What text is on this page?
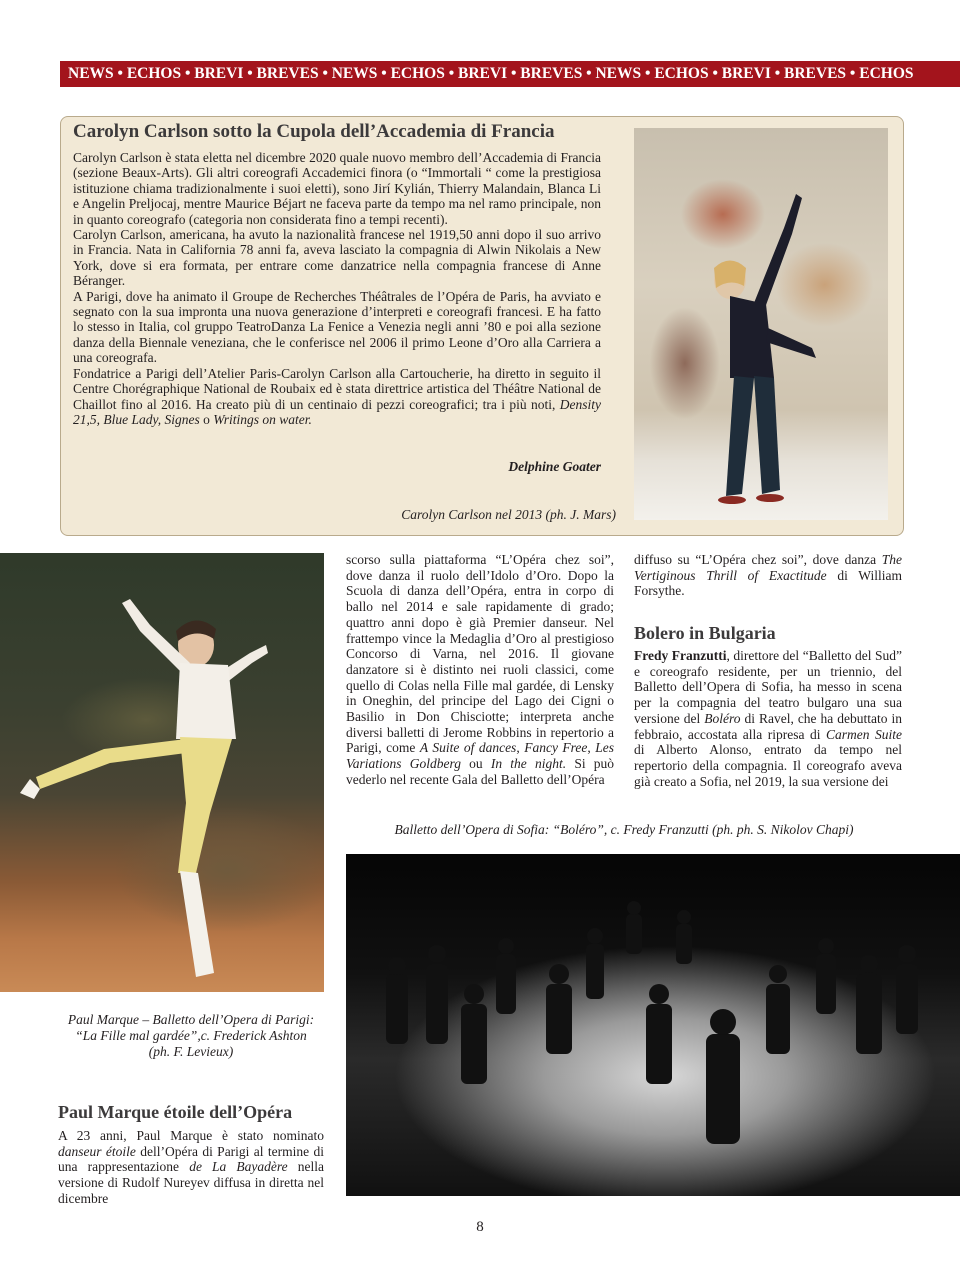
NEWS • ECHOS • BREVI • BREVES • NEWS • ECHOS • BREVI • BREVES • NEWS • ECHOS • BREVI • BREVES • ECHOS
Carolyn Carlson sotto la Cupola dell’Accademia di Francia

Carolyn Carlson è stata eletta nel dicembre 2020 quale nuovo membro dell’Accademia di Francia (sezione Beaux-Arts). Gli altri coreografi Accademici finora (o “Immortali “ come la prestigiosa istituzione chiama tradizionalmente i suoi eletti), sono Jirí Kylián, Thierry Malandain, Blanca Li e Angelin Preljocaj, mentre Maurice Béjart ne faceva parte da tempo ma nel ramo principale, non in quanto coreografo (categoria non considerata fino a tempi recenti).

Carolyn Carlson, americana, ha avuto la nazionalità francese nel 1919,50 anni dopo il suo arrivo in Francia. Nata in California 78 anni fa, aveva lasciato la compagnia di Alwin Nikolais a New York, dove si era formata, per entrare come danzatrice nella compagnia francese di Anne Béranger.

A Parigi, dove ha animato il Groupe de Recherches Théâtrales de l’Opéra de Paris, ha avviato e segnato con la sua impronta una nuova generazione d’interpreti e coreografi francesi. E ha fatto lo stesso in Italia, col gruppo TeatroDanza La Fenice a Venezia negli anni ’80 e poi alla sezione danza della Biennale veneziana, che le conferisce nel 2006 il primo Leone d’Oro alla Carriera a una coreografa.

Fondatrice a Parigi dell’Atelier Paris-Carolyn Carlson alla Cartoucherie, ha diretto in seguito il Centre Chorégraphique National de Roubaix ed è stata direttrice artistica del Théâtre National de Chaillot fino al 2016. Ha creato più di un centinaio di pezzi coreografici; tra i più noti, Density 21,5, Blue Lady, Signes o Writings on water.

Delphine Goater
Carolyn Carlson nel 2013 (ph. J. Mars)
scorso sulla piattaforma “L’Opéra chez soi”, dove danza il ruolo dell’Idolo d’Oro. Dopo la Scuola di danza dell’Opéra, entra in corpo di ballo nel 2014 e sale rapidamente di grado; quattro anni dopo è già Premier danseur. Nel frattempo vince la Medaglia d’Oro al prestigioso Concorso di Varna, nel 2016. Il giovane danzatore si è distinto nei ruoli classici, come quello di Colas nella Fille mal gardée, di Lensky in Oneghin, del principe del Lago dei Cigni o Basilio in Don Chisciotte; interpreta anche diversi balletti di Jerome Robbins in repertorio a Parigi, come A Suite of dances, Fancy Free, Les Variations Goldberg ou In the night. Si può vederlo nel recente Gala del Balletto dell’Opéra
diffuso su “L’Opéra chez soi”, dove danza The Vertiginous Thrill of Exactitude di William Forsythe.
Bolero in Bulgaria
Fredy Franzutti, direttore del “Balletto del Sud” e coreografo residente, per un triennio, del Balletto dell’Opera di Sofia, ha messo in scena per la compagnia del teatro bulgaro una sua versione del Boléro di Ravel, che ha debuttato in febbraio, accostata alla ripresa di Carmen Suite di Alberto Alonso, entrato da tempo nel repertorio della compagnia. Il coreografo aveva già creato a Sofia, nel 2019, la sua versione dei
Balletto dell’Opera di Sofia: “Boléro”, c. Fredy Franzutti (ph. ph. S. Nikolov Chapi)
Paul Marque – Balletto dell’Opera di Parigi:
“La Fille mal gardée”,c. Frederick Ashton
(ph. F. Levieux)
Paul Marque étoile dell’Opéra
A 23 anni, Paul Marque è stato nominato danseur étoile dell’Opéra di Parigi al termine di una rappresentazione de La Bayadère nella versione di Rudolf Nureyev diffusa in diretta nel dicembre
8
